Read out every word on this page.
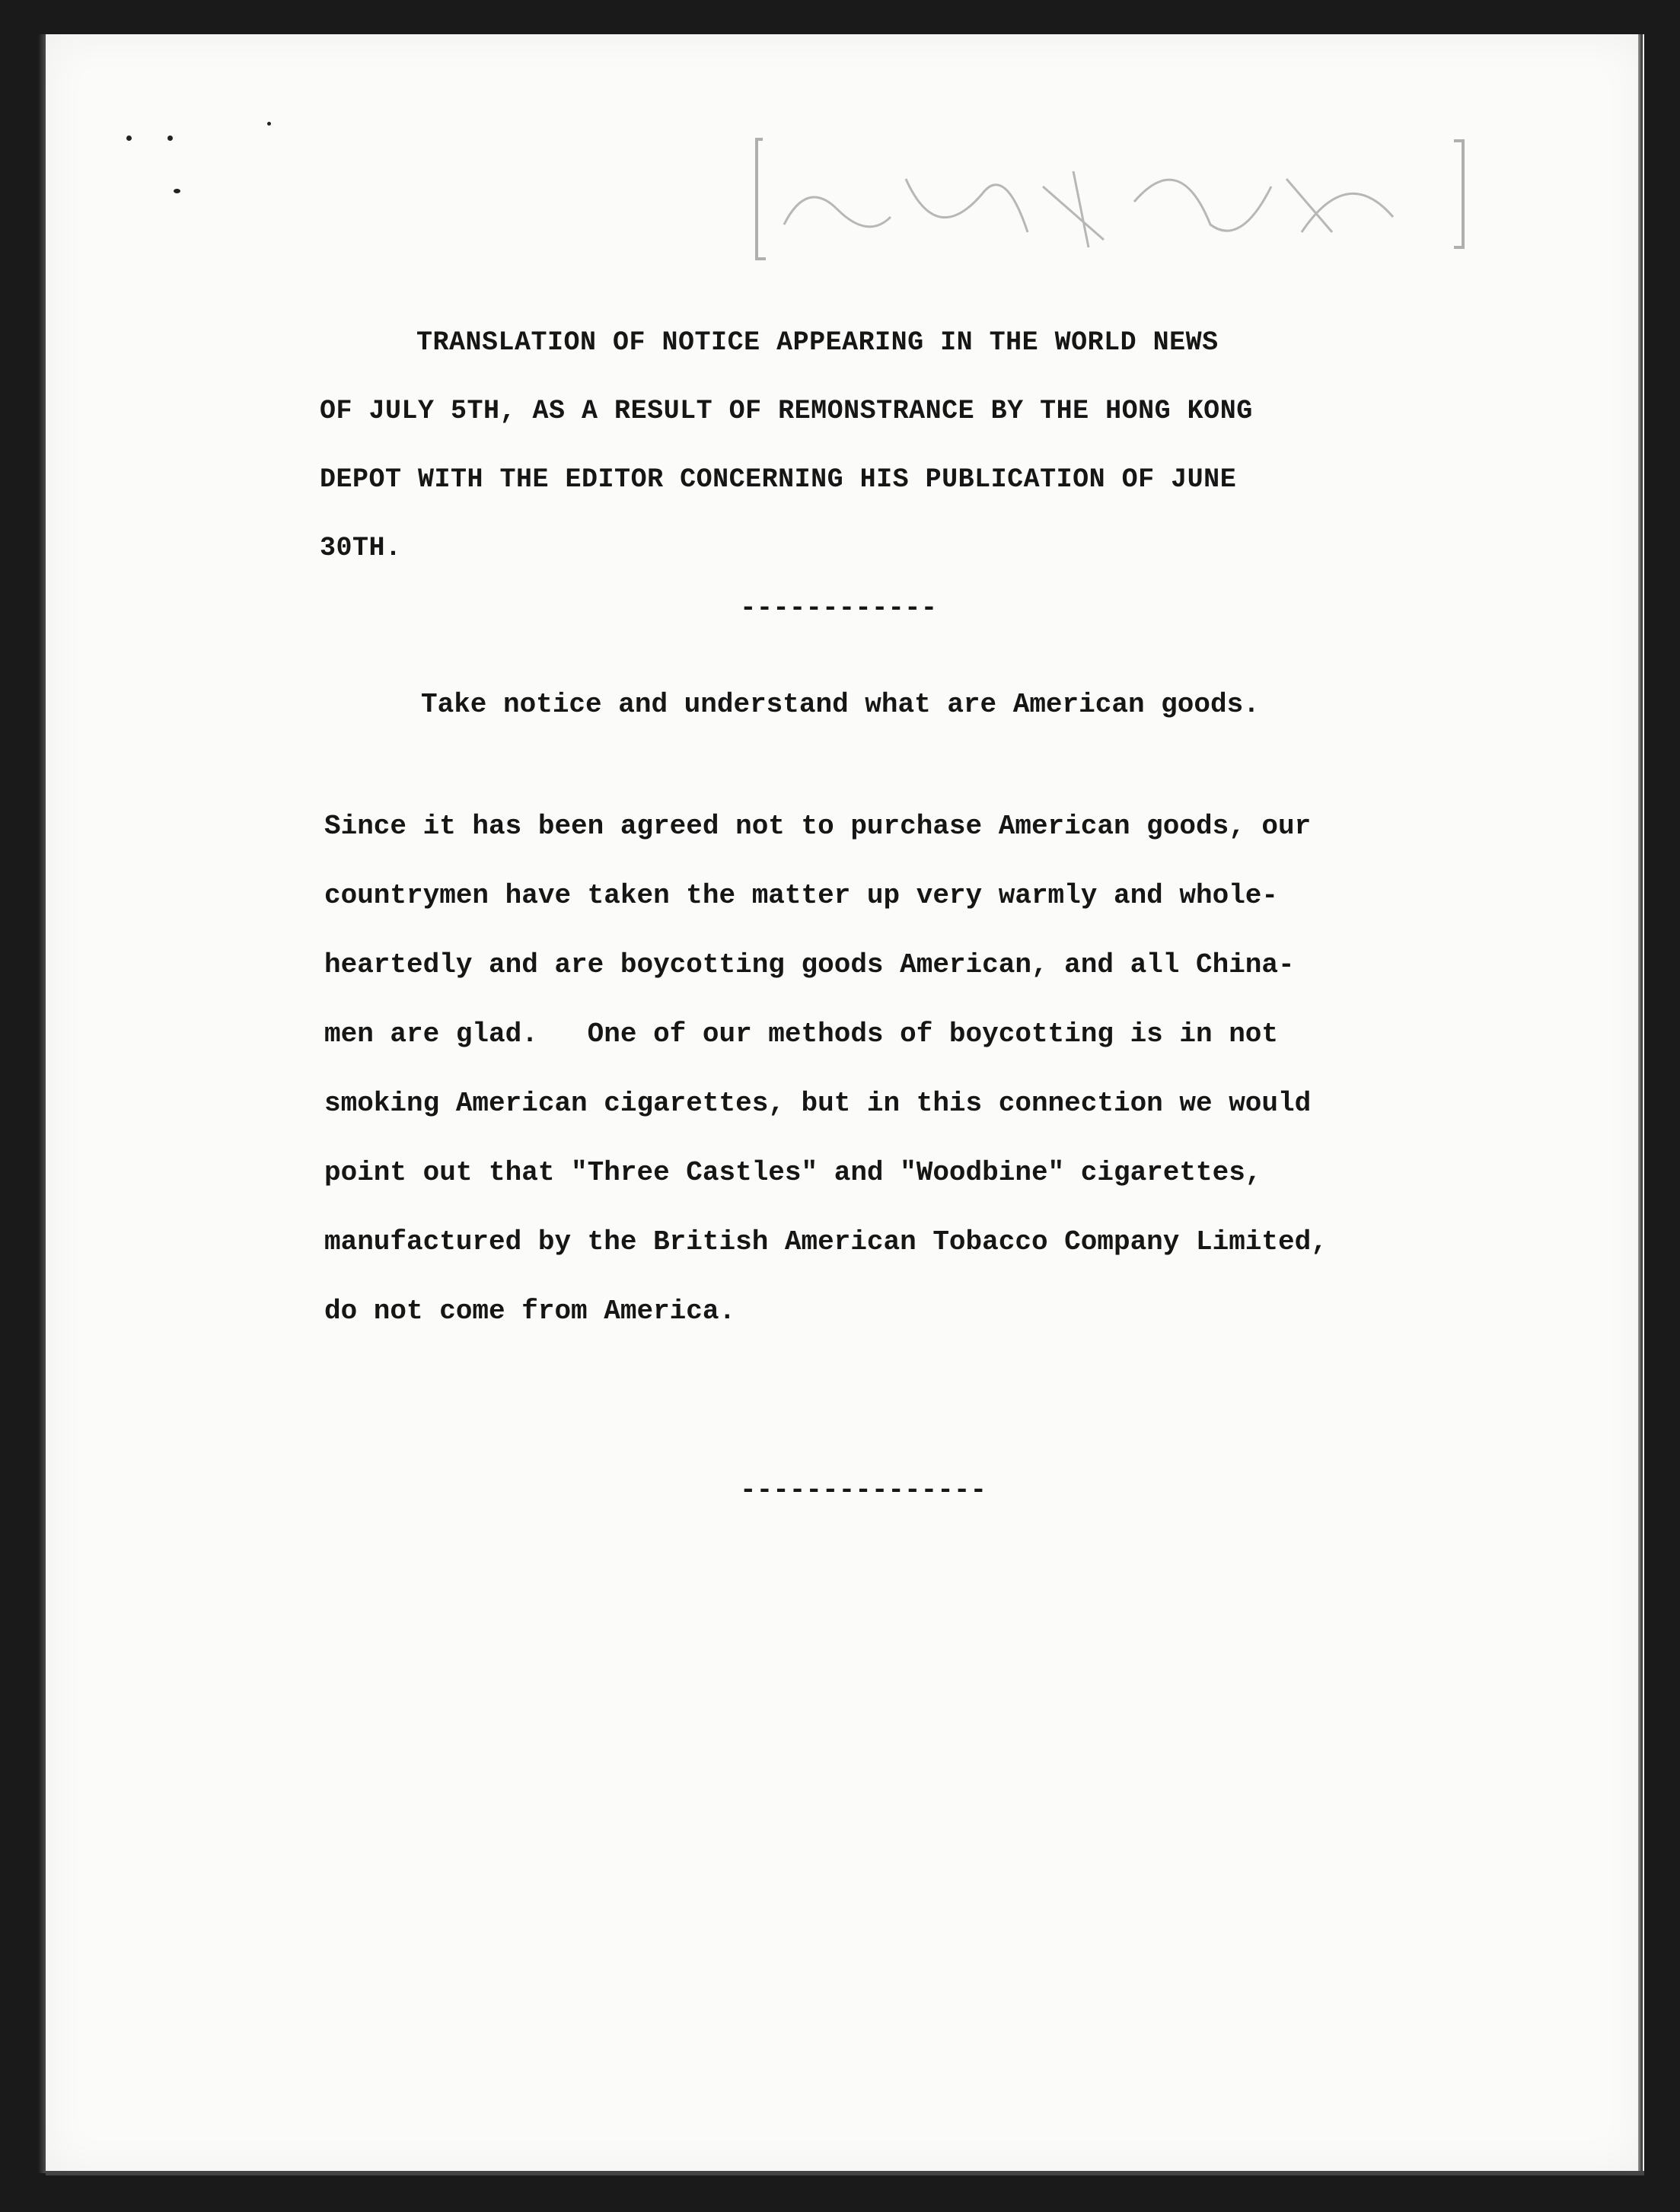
TRANSLATION OF NOTICE APPEARING IN THE WORLD NEWS
OF JULY 5TH, AS A RESULT OF REMONSTRANCE BY THE HONG KONG
DEPOT WITH THE EDITOR CONCERNING HIS PUBLICATION OF JUNE
30TH.
------------
Take notice and understand what are American goods.
Since it has been agreed not to purchase American goods, our
countrymen have taken the matter up very warmly and whole-
heartedly and are boycotting goods American, and all China-
men are glad.   One of our methods of boycotting is in not
smoking American cigarettes, but in this connection we would
point out that "Three Castles" and "Woodbine" cigarettes,
manufactured by the British American Tobacco Company Limited,
do not come from America.
---------------
